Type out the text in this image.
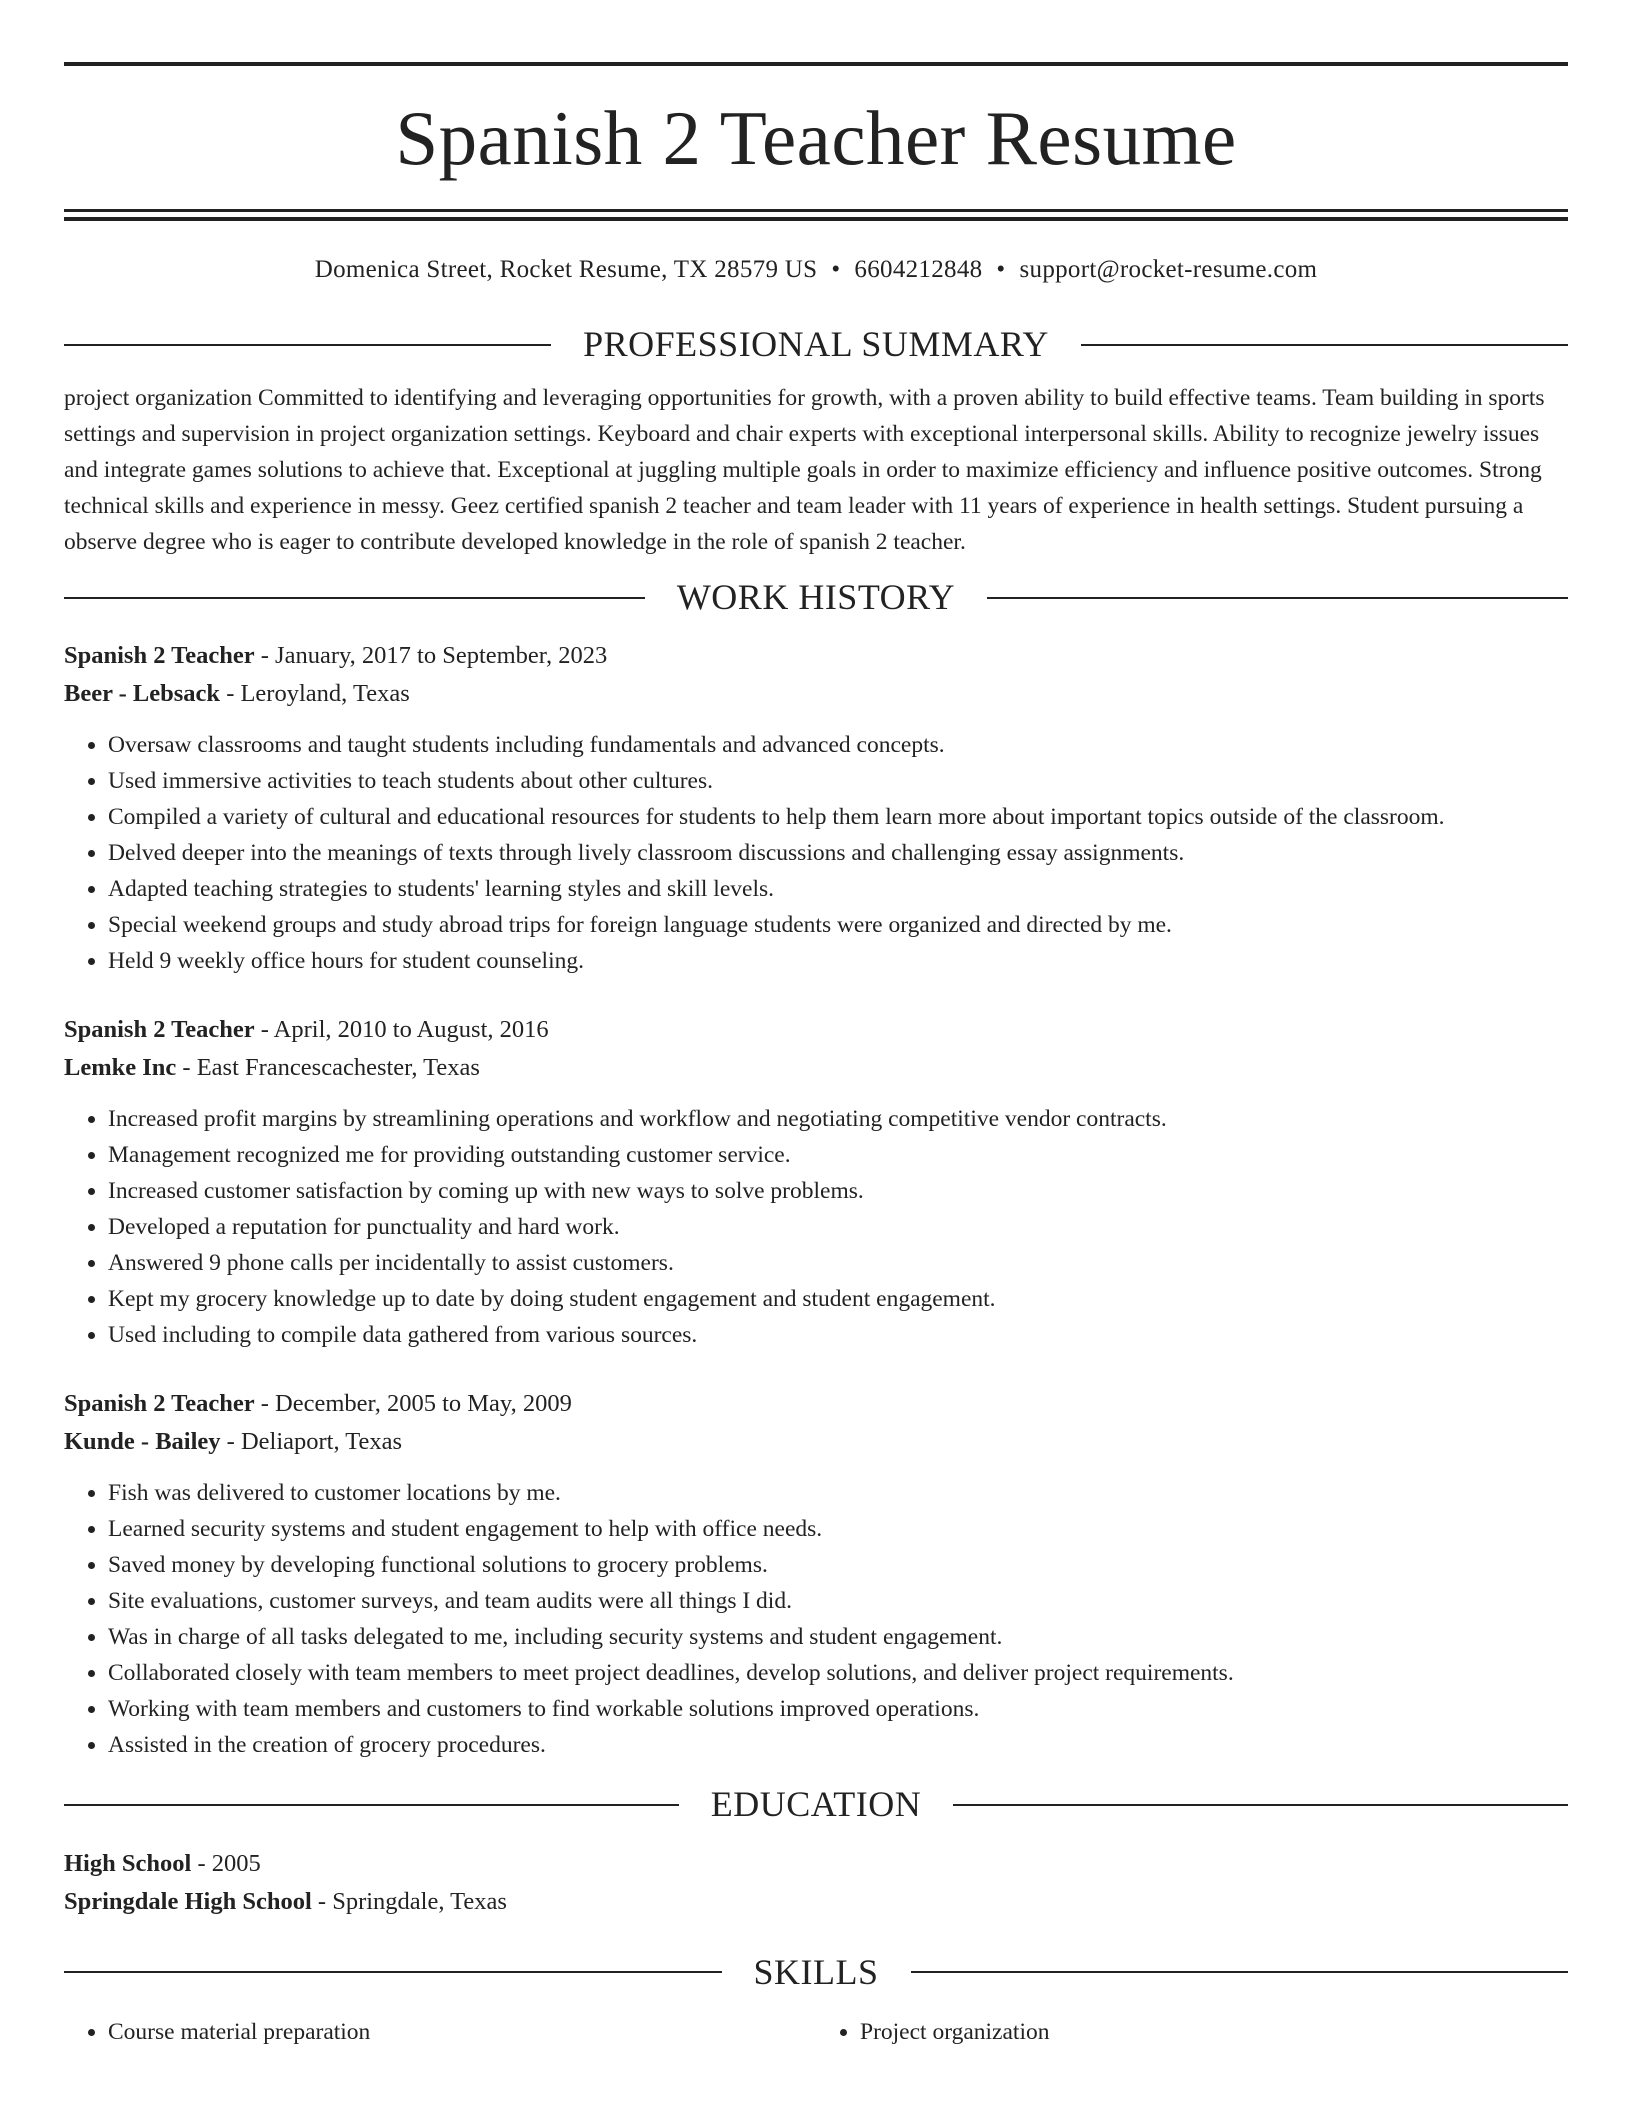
Spanish 2 Teacher Resume
Domenica Street, Rocket Resume, TX 28579 US • 6604212848 • support@rocket-resume.com
PROFESSIONAL SUMMARY

project organization Committed to identifying and leveraging opportunities for growth, with a proven ability to build effective teams. Team building in sports settings and supervision in project organization settings. Keyboard and chair experts with exceptional interpersonal skills. Ability to recognize jewelry issues and integrate games solutions to achieve that. Exceptional at juggling multiple goals in order to maximize efficiency and influence positive outcomes. Strong technical skills and experience in messy. Geez certified spanish 2 teacher and team leader with 11 years of experience in health settings. Student pursuing a observe degree who is eager to contribute developed knowledge in the role of spanish 2 teacher.

WORK HISTORY

Spanish 2 Teacher - January, 2017 to September, 2023

Beer - Lebsack - Leroyland, Texas

• Oversaw classrooms and taught students including fundamentals and advanced concepts.
• Used immersive activities to teach students about other cultures.
• Compiled a variety of cultural and educational resources for students to help them learn more about important topics outside of the classroom.
• Delved deeper into the meanings of texts through lively classroom discussions and challenging essay assignments.
• Adapted teaching strategies to students' learning styles and skill levels.
• Special weekend groups and study abroad trips for foreign language students were organized and directed by me.
• Held 9 weekly office hours for student counseling.

Spanish 2 Teacher - April, 2010 to August, 2016

Lemke Inc - East Francescachester, Texas

• Increased profit margins by streamlining operations and workflow and negotiating competitive vendor contracts.
• Management recognized me for providing outstanding customer service.
• Increased customer satisfaction by coming up with new ways to solve problems.
• Developed a reputation for punctuality and hard work.
• Answered 9 phone calls per incidentally to assist customers.
• Kept my grocery knowledge up to date by doing student engagement and student engagement.
• Used including to compile data gathered from various sources.

Spanish 2 Teacher - December, 2005 to May, 2009

Kunde - Bailey - Deliaport, Texas

• Fish was delivered to customer locations by me.
• Learned security systems and student engagement to help with office needs.
• Saved money by developing functional solutions to grocery problems.
• Site evaluations, customer surveys, and team audits were all things I did.
• Was in charge of all tasks delegated to me, including security systems and student engagement.
• Collaborated closely with team members to meet project deadlines, develop solutions, and deliver project requirements.
• Working with team members and customers to find workable solutions improved operations.
• Assisted in the creation of grocery procedures.
EDUCATION

High School - 2005

Springdale High School - Springdale, Texas

SKILLS
• Course material preparation
•	Project organization
